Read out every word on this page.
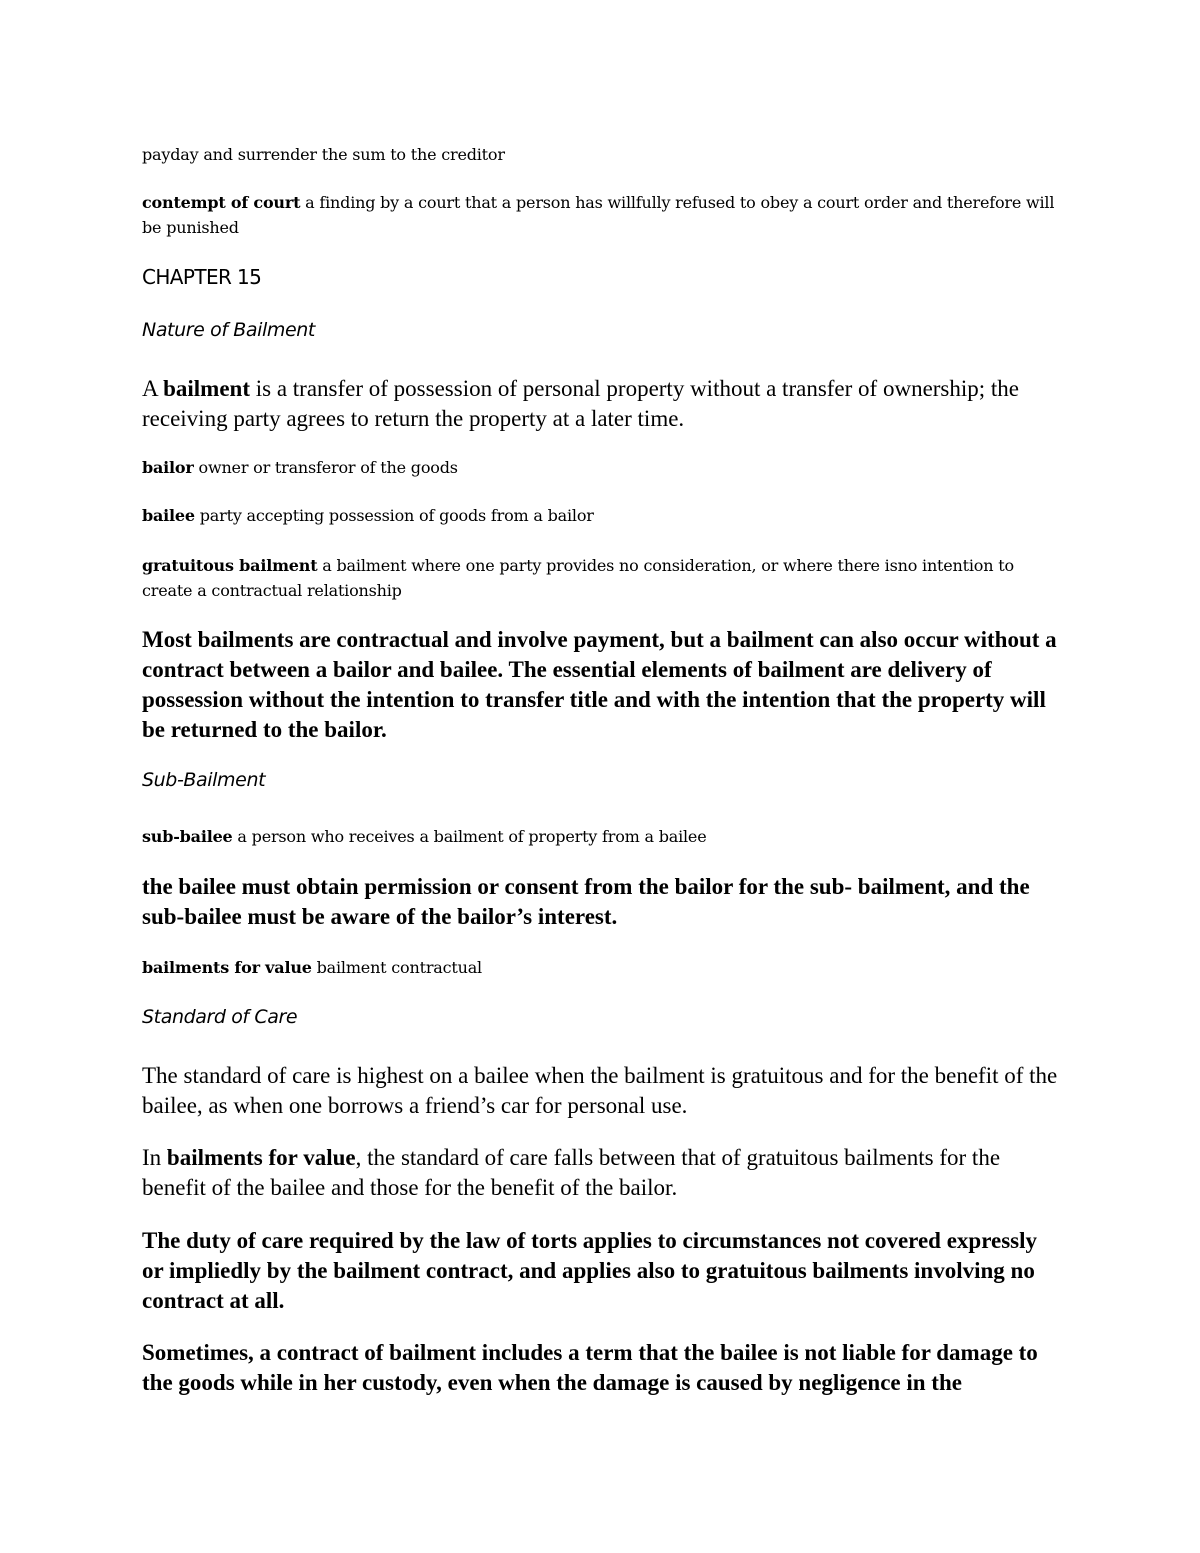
payday and surrender the sum to the creditor

contempt of court a finding by a court that a person has willfully refused to obey a court order and therefore will be punished

CHAPTER 15

Nature of Bailment

A bailment is a transfer of possession of personal property without a transfer of ownership; the receiving party agrees to return the property at a later time.

bailor owner or transferor of the goods

bailee party accepting possession of goods from a bailor

gratuitous bailment a bailment where one party provides no consideration, or where there isno intention to create a contractual relationship

Most bailments are contractual and involve payment, but a bailment can also occur without a contract between a bailor and bailee. The essential elements of bailment are delivery of possession without the intention to transfer title and with the intention that the property will be returned to the bailor.

Sub-Bailment

sub-bailee a person who receives a bailment of property from a bailee

the bailee must obtain permission or consent from the bailor for the sub- bailment, and the sub-bailee must be aware of the bailor’s interest.

bailments for value bailment contractual

Standard of Care

The standard of care is highest on a bailee when the bailment is gratuitous and for the benefit of the bailee, as when one borrows a friend’s car for personal use.

In bailments for value, the standard of care falls between that of gratuitous bailments for the benefit of the bailee and those for the benefit of the bailor.

The duty of care required by the law of torts applies to circumstances not covered expressly or impliedly by the bailment contract, and applies also to gratuitous bailments involving no contract at all.

Sometimes, a contract of bailment includes a term that the bailee is not liable for damage to the goods while in her custody, even when the damage is caused by negligence in the
